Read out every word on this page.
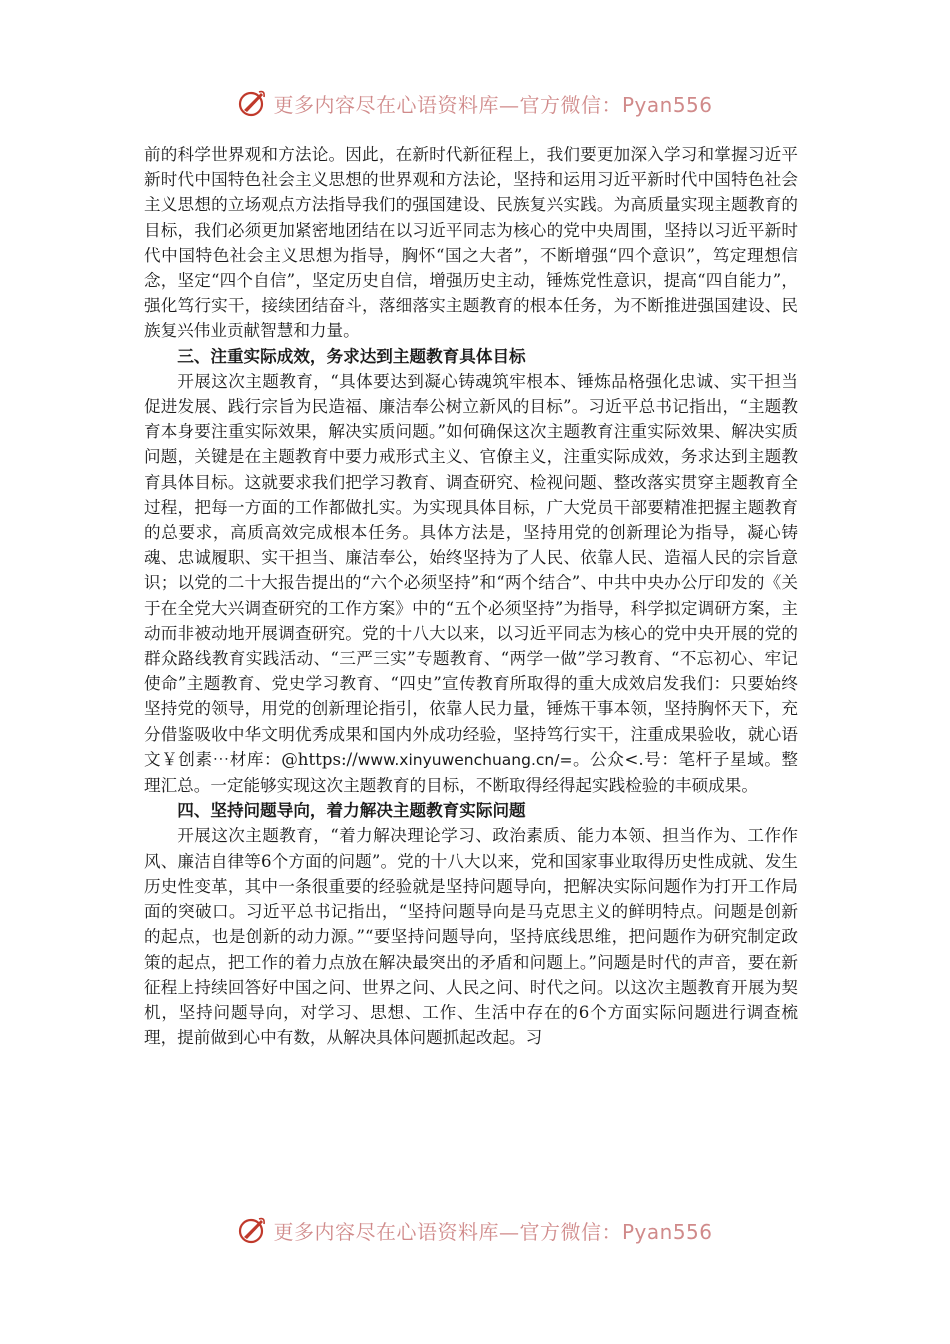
更多内容尽在心语资料库—官方微信：Pyan556

前的科学世界观和方法论。因此，在新时代新征程上，我们要更加深入学习和掌握习近平新时代中国特色社会主义思想的世界观和方法论，坚持和运用习近平新时代中国特色社会主义思想的立场观点方法指导我们的强国建设、民族复兴实践。为高质量实现主题教育的目标，我们必须更加紧密地团结在以习近平同志为核心的党中央周围，坚持以习近平新时代中国特色社会主义思想为指导，胸怀“国之大者”，不断增强“四个意识”，笃定理想信念，坚定“四个自信”，坚定历史自信，增强历史主动，锤炼党性意识，提高“四自能力”，强化笃行实干，接续团结奋斗，落细落实主题教育的根本任务，为不断推进强国建设、民族复兴伟业贡献智慧和力量。

三、注重实际成效，务求达到主题教育具体目标

开展这次主题教育，“具体要达到凝心铸魂筑牢根本、锤炼品格强化忠诚、实干担当促进发展、践行宗旨为民造福、廉洁奉公树立新风的目标”。习近平总书记指出，“主题教育本身要注重实际效果，解决实质问题。”如何确保这次主题教育注重实际效果、解决实质问题，关键是在主题教育中要力戒形式主义、官僚主义，注重实际成效，务求达到主题教育具体目标。这就要求我们把学习教育、调查研究、检视问题、整改落实贯穿主题教育全过程，把每一方面的工作都做扎实。为实现具体目标，广大党员干部要精准把握主题教育的总要求，高质高效完成根本任务。具体方法是，坚持用党的创新理论为指导，凝心铸魂、忠诚履职、实干担当、廉洁奉公，始终坚持为了人民、依靠人民、造福人民的宗旨意识；以党的二十大报告提出的“六个必须坚持”和“两个结合”、中共中央办公厅印发的《关于在全党大兴调查研究的工作方案》中的“五个必须坚持”为指导，科学拟定调研方案，主动而非被动地开展调查研究。党的十八大以来，以习近平同志为核心的党中央开展的党的群众路线教育实践活动、“三严三实”专题教育、“两学一做”学习教育、“不忘初心、牢记使命”主题教育、党史学习教育、“四史”宣传教育所取得的重大成效启发我们：只要始终坚持党的领导，用党的创新理论指引，依靠人民力量，锤炼干事本领，坚持胸怀天下，充分借鉴吸收中华文明优秀成果和国内外成功经验，坚持笃行实干，注重成果验收，就心语文￥创素⋯材库：@https://www.xinyuwenchuang.cn/=。公众<.号：笔杆子星域。整理汇总。一定能够实现这次主题教育的目标，不断取得经得起实践检验的丰硕成果。

四、坚持问题导向，着力解决主题教育实际问题

开展这次主题教育，“着力解决理论学习、政治素质、能力本领、担当作为、工作作风、廉洁自律等6个方面的问题”。党的十八大以来，党和国家事业取得历史性成就、发生历史性变革，其中一条很重要的经验就是坚持问题导向，把解决实际问题作为打开工作局面的突破口。习近平总书记指出，“坚持问题导向是马克思主义的鲜明特点。问题是创新的起点，也是创新的动力源。”“要坚持问题导向，坚持底线思维，把问题作为研究制定政策的起点，把工作的着力点放在解决最突出的矛盾和问题上。”问题是时代的声音，要在新征程上持续回答好中国之问、世界之问、人民之问、时代之问。以这次主题教育开展为契机，坚持问题导向，对学习、思想、工作、生活中存在的6个方面实际问题进行调查梳理，提前做到心中有数，从解决具体问题抓起改起。习

更多内容尽在心语资料库—官方微信：Pyan556
